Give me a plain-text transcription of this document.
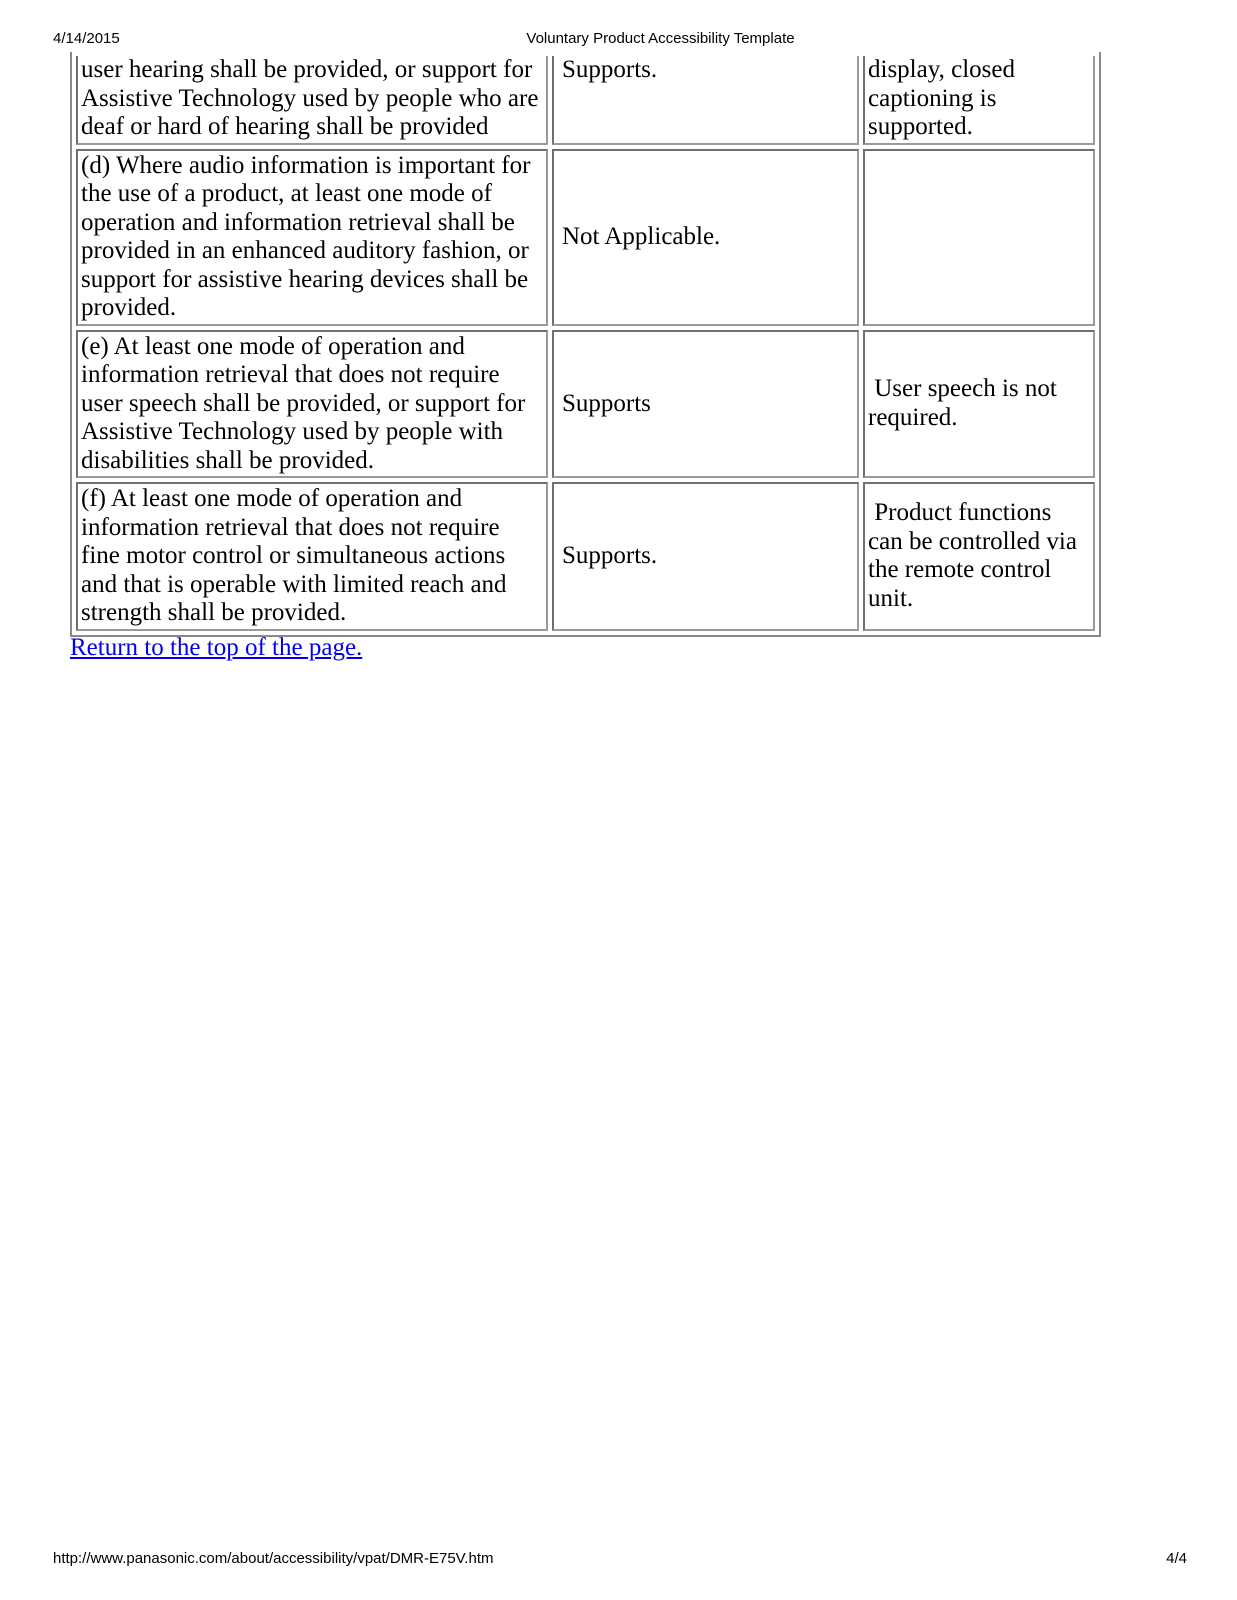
4/14/2015	Voluntary Product Accessibility Template
user hearing shall be provided, or support for Assistive Technology used by people who are deaf or hard of hearing shall be provided	Supports.	display, closed captioning is supported.
(d) Where audio information is important for the use of a product, at least one mode of operation and information retrieval shall be provided in an enhanced auditory fashion, or support for assistive hearing devices shall be provided.	Not Applicable.	
(e) At least one mode of operation and information retrieval that does not require user speech shall be provided, or support for Assistive Technology used by people with disabilities shall be provided.	Supports	User speech is not required.
(f) At least one mode of operation and information retrieval that does not require fine motor control or simultaneous actions and that is operable with limited reach and strength shall be provided.	Supports.	Product functions can be controlled via the remote control unit.
Return to the top of the page.
http://www.panasonic.com/about/accessibility/vpat/DMR-E75V.htm	4/4
